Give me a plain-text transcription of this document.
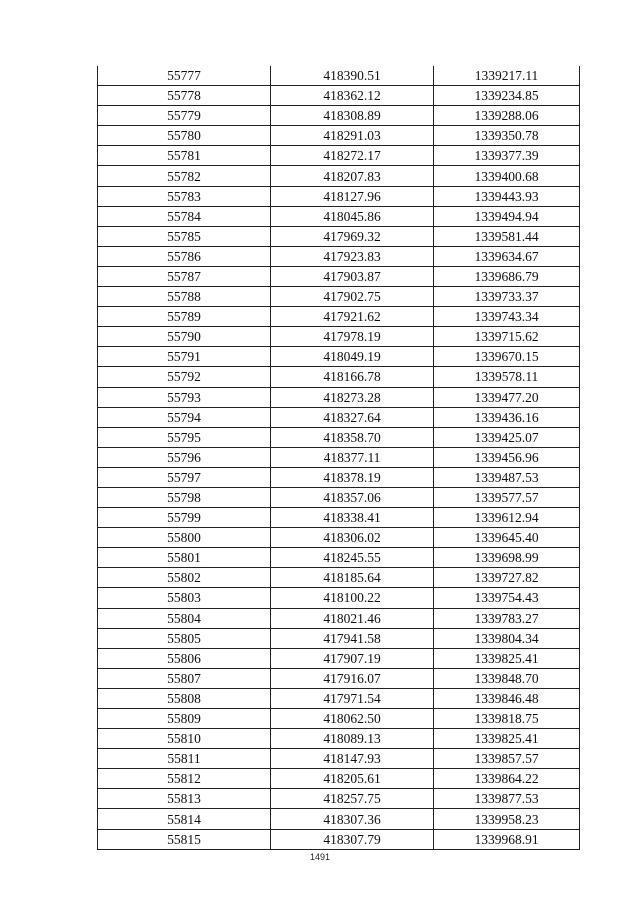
55777	418390.51	1339217.11
55778	418362.12	1339234.85
55779	418308.89	1339288.06
55780	418291.03	1339350.78
55781	418272.17	1339377.39
55782	418207.83	1339400.68
55783	418127.96	1339443.93
55784	418045.86	1339494.94
55785	417969.32	1339581.44
55786	417923.83	1339634.67
55787	417903.87	1339686.79
55788	417902.75	1339733.37
55789	417921.62	1339743.34
55790	417978.19	1339715.62
55791	418049.19	1339670.15
55792	418166.78	1339578.11
55793	418273.28	1339477.20
55794	418327.64	1339436.16
55795	418358.70	1339425.07
55796	418377.11	1339456.96
55797	418378.19	1339487.53
55798	418357.06	1339577.57
55799	418338.41	1339612.94
55800	418306.02	1339645.40
55801	418245.55	1339698.99
55802	418185.64	1339727.82
55803	418100.22	1339754.43
55804	418021.46	1339783.27
55805	417941.58	1339804.34
55806	417907.19	1339825.41
55807	417916.07	1339848.70
55808	417971.54	1339846.48
55809	418062.50	1339818.75
55810	418089.13	1339825.41
55811	418147.93	1339857.57
55812	418205.61	1339864.22
55813	418257.75	1339877.53
55814	418307.36	1339958.23
55815	418307.79	1339968.91
1491
